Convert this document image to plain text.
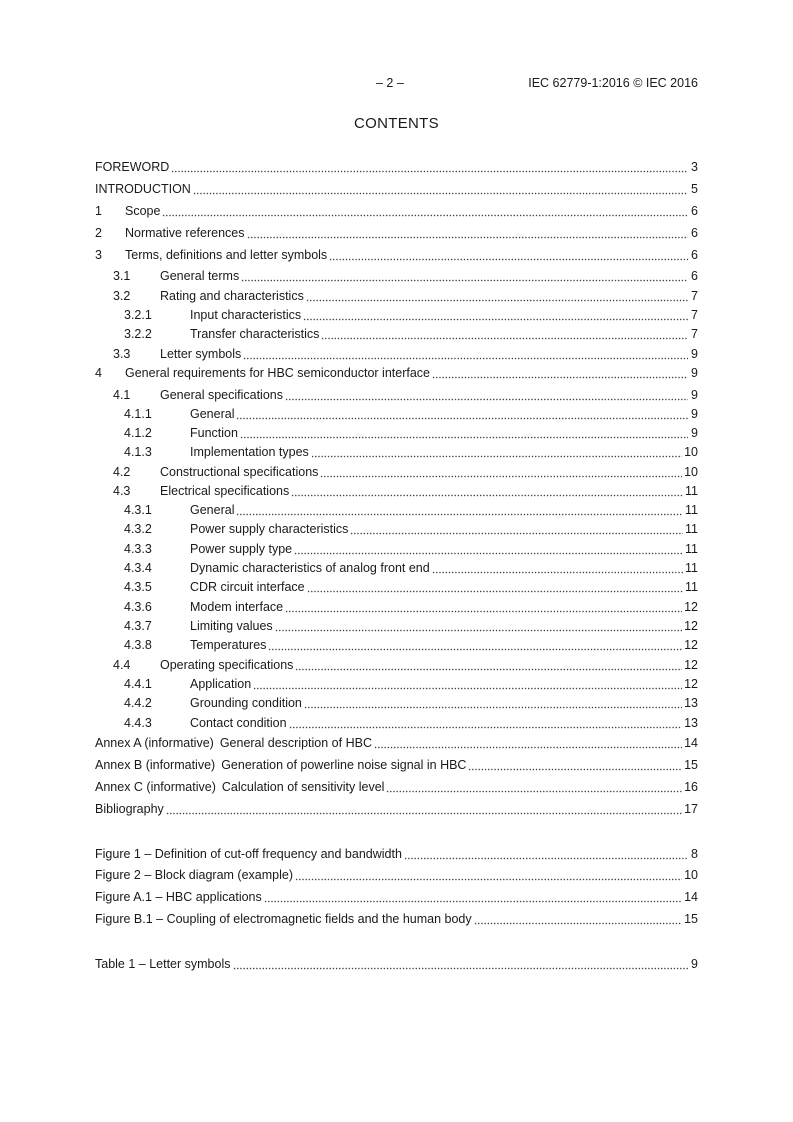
– 2 –	IEC 62779-1:2016 © IEC 2016
CONTENTS
FOREWORD	3
INTRODUCTION	5
1	Scope	6
2	Normative references	6
3	Terms, definitions and letter symbols	6
3.1	General terms	6
3.2	Rating and characteristics	7
3.2.1	Input characteristics	7
3.2.2	Transfer characteristics	7
3.3	Letter symbols	9
4	General requirements for HBC semiconductor interface	9
4.1	General specifications	9
4.1.1	General	9
4.1.2	Function	9
4.1.3	Implementation types	10
4.2	Constructional specifications	10
4.3	Electrical specifications	11
4.3.1	General	11
4.3.2	Power supply characteristics	11
4.3.3	Power supply type	11
4.3.4	Dynamic characteristics of analog front end	11
4.3.5	CDR circuit interface	11
4.3.6	Modem interface	12
4.3.7	Limiting values	12
4.3.8	Temperatures	12
4.4	Operating specifications	12
4.4.1	Application	12
4.4.2	Grounding condition	13
4.4.3	Contact condition	13
Annex A (informative) General description of HBC	14
Annex B (informative) Generation of powerline noise signal in HBC	15
Annex C (informative) Calculation of sensitivity level	16
Bibliography	17
Figure 1 – Definition of cut-off frequency and bandwidth	8
Figure 2 – Block diagram (example)	10
Figure A.1 – HBC applications	14
Figure B.1 – Coupling of electromagnetic fields and the human body	15
Table 1 – Letter symbols	9
